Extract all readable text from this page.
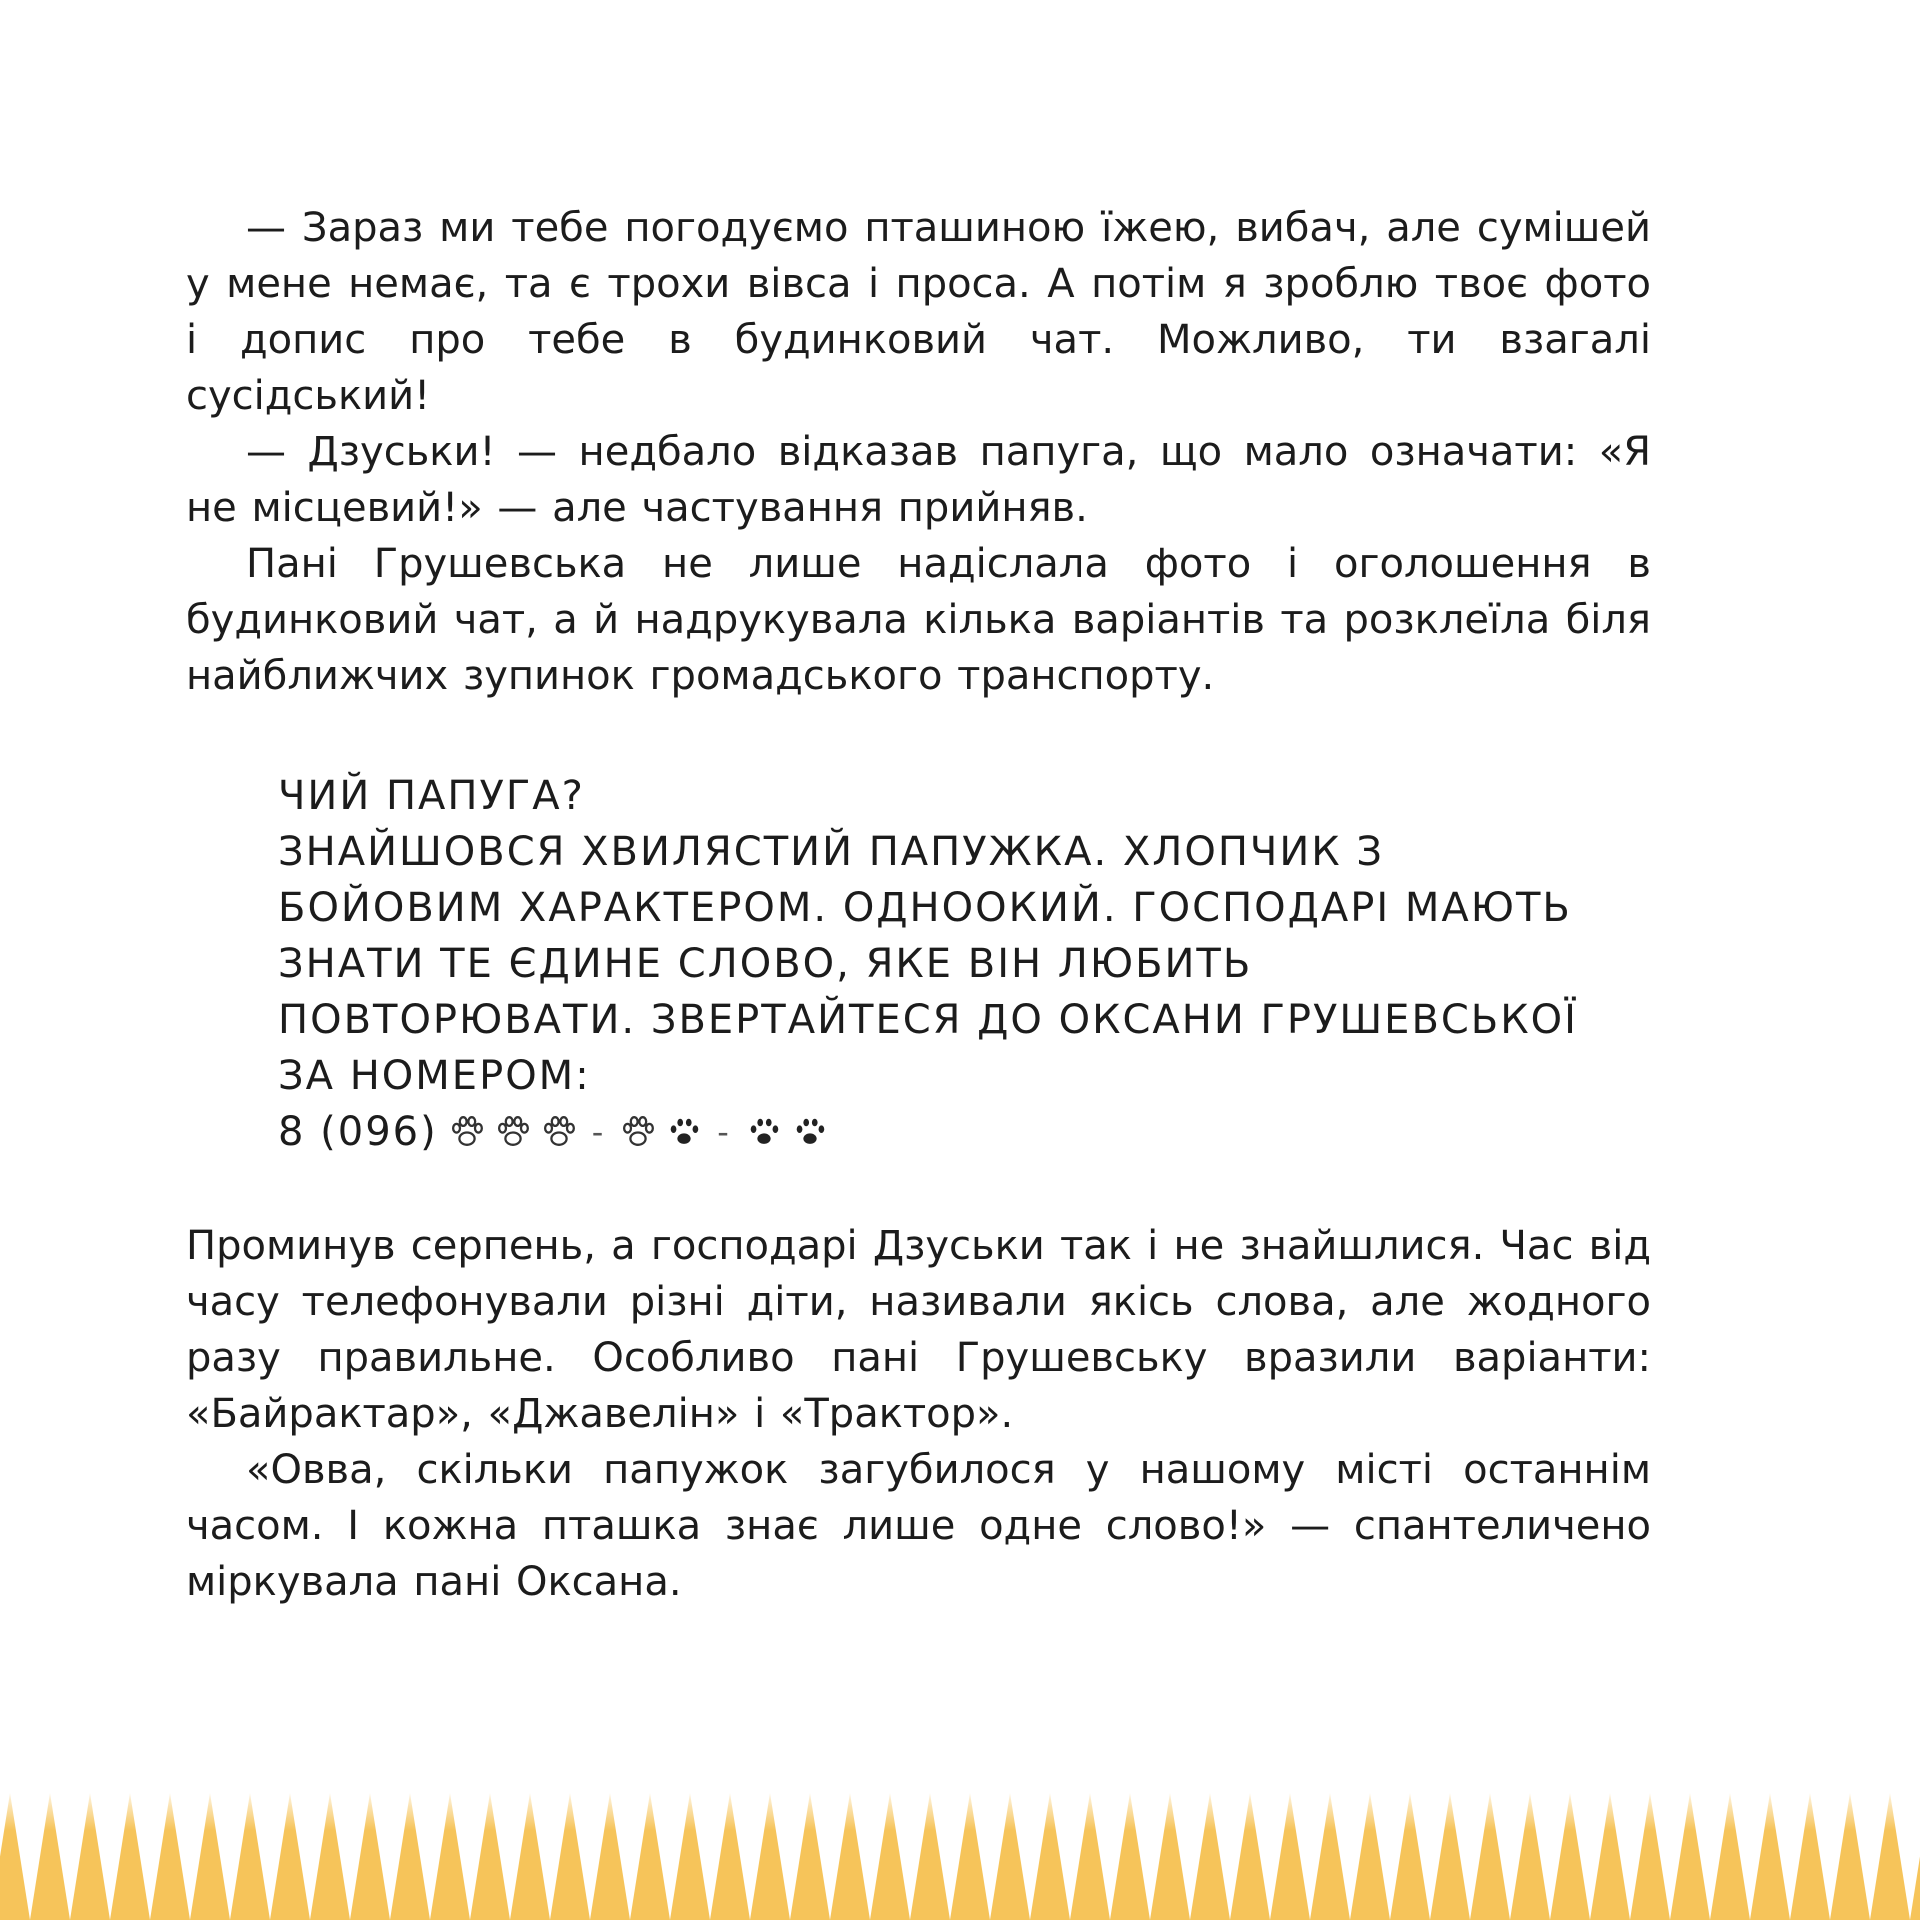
— Зараз ми тебе погодуємо пташиною їжею, вибач, але сумішей у мене немає, та є трохи вівса і проса. А потім я зроблю твоє фото і допис про тебе в будинковий чат. Можливо, ти взагалі сусідський!

— Дзуськи! — недбало відказав папуга, що мало означати: «Я не місцевий!» — але частування прийняв.

Пані Грушевська не лише надіслала фото і оголошення в будинковий чат, а й надрукувала кілька варіантів та розклеїла біля найближчих зупинок громадського транспорту.

ЧИЙ ПАПУГА?

ЗНАЙШОВСЯ ХВИЛЯСТИЙ ПАПУЖКА. ХЛОПЧИК З БОЙОВИМ ХАРАКТЕРОМ. ОДНООКИЙ. ГОСПОДАРІ МАЮТЬ ЗНАТИ ТЕ ЄДИНЕ СЛОВО, ЯКЕ ВІН ЛЮБИТЬ ПОВТОРЮВАТИ. ЗВЕРТАЙТЕСЯ ДО ОКСАНИ ГРУШЕВСЬКОЇ ЗА НОМЕРОМ:

8 (096)	-	-

Проминув серпень, а господарі Дзуськи так і не знайшлися. Час від часу телефонували різні діти, називали якісь слова, але жодного разу правильне. Особливо пані Грушевську вразили варіанти: «Байрактар», «Джавелін» і «Трактор».

«Овва, скільки папужок загубилося у нашому місті останнім часом. І кожна пташка знає лише одне слово!» — спантеличено міркувала пані Оксана.
